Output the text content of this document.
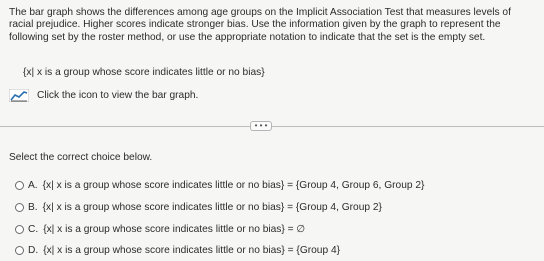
The bar graph shows the differences among age groups on the Implicit Association Test that measures levels of racial prejudice. Higher scores indicate stronger bias. Use the information given by the graph to represent the following set by the roster method, or use the appropriate notation to indicate that the set is the empty set.
{x| x is a group whose score indicates little or no bias}
Click the icon to view the bar graph.
• • •
Select the correct choice below.
A. {x| x is a group whose score indicates little or no bias} = {Group 4, Group 6, Group 2}
B. {x| x is a group whose score indicates little or no bias} = {Group 4, Group 2}
C. {x| x is a group whose score indicates little or no bias} = ∅
D. {x| x is a group whose score indicates little or no bias} = {Group 4}
